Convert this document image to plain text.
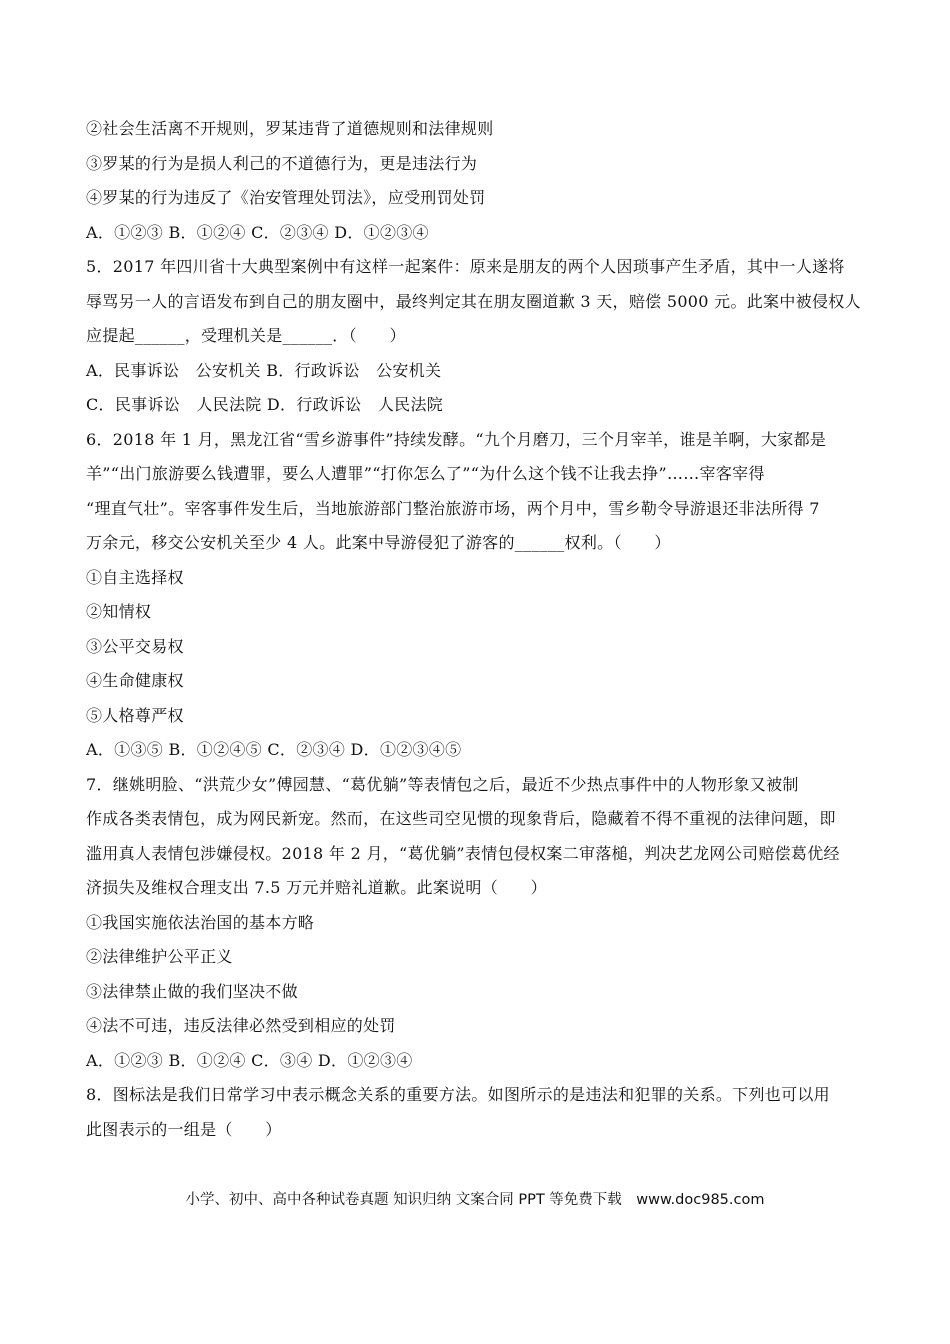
②社会生活离不开规则，罗某违背了道德规则和法律规则
③罗某的行为是损人利己的不道德行为，更是违法行为
④罗某的行为违反了《治安管理处罚法》，应受刑罚处罚
A．①②③ B．①②④ C．②③④ D．①②③④
5．2017 年四川省十大典型案例中有这样一起案件：原来是朋友的两个人因琐事产生矛盾，其中一人遂将
辱骂另一人的言语发布到自己的朋友圈中，最终判定其在朋友圈道歉 3 天，赔偿 5000 元。此案中被侵权人
应提起______，受理机关是______．（　　）
A．民事诉讼　公安机关 B．行政诉讼　公安机关
C．民事诉讼　人民法院 D．行政诉讼　人民法院
6．2018 年 1 月，黑龙江省“雪乡游事件”持续发酵。“九个月磨刀，三个月宰羊，谁是羊啊，大家都是
羊”“出门旅游要么钱遭罪，要么人遭罪”“打你怎么了”“为什么这个钱不让我去挣”……宰客宰得
“理直气壮”。宰客事件发生后，当地旅游部门整治旅游市场，两个月中，雪乡勒令导游退还非法所得 7
万余元，移交公安机关至少 4 人。此案中导游侵犯了游客的______权利。（　　）
①自主选择权
②知情权
③公平交易权
④生命健康权
⑤人格尊严权
A．①③⑤ B．①②④⑤ C．②③④ D．①②③④⑤
7．继姚明脸、“洪荒少女”傅园慧、“葛优躺”等表情包之后，最近不少热点事件中的人物形象又被制
作成各类表情包，成为网民新宠。然而，在这些司空见惯的现象背后，隐藏着不得不重视的法律问题，即
滥用真人表情包涉嫌侵权。2018 年 2 月，“葛优躺”表情包侵权案二审落槌，判决艺龙网公司赔偿葛优经
济损失及维权合理支出 7.5 万元并赔礼道歉。此案说明（　　）
①我国实施依法治国的基本方略
②法律维护公平正义
③法律禁止做的我们坚决不做
④法不可违，违反法律必然受到相应的处罚
A．①②③ B．①②④ C．③④ D．①②③④
8．图标法是我们日常学习中表示概念关系的重要方法。如图所示的是违法和犯罪的关系。下列也可以用
此图表示的一组是（　　）
小学、初中、高中各种试卷真题 知识归纳 文案合同 PPT 等免费下载　www.doc985.com
